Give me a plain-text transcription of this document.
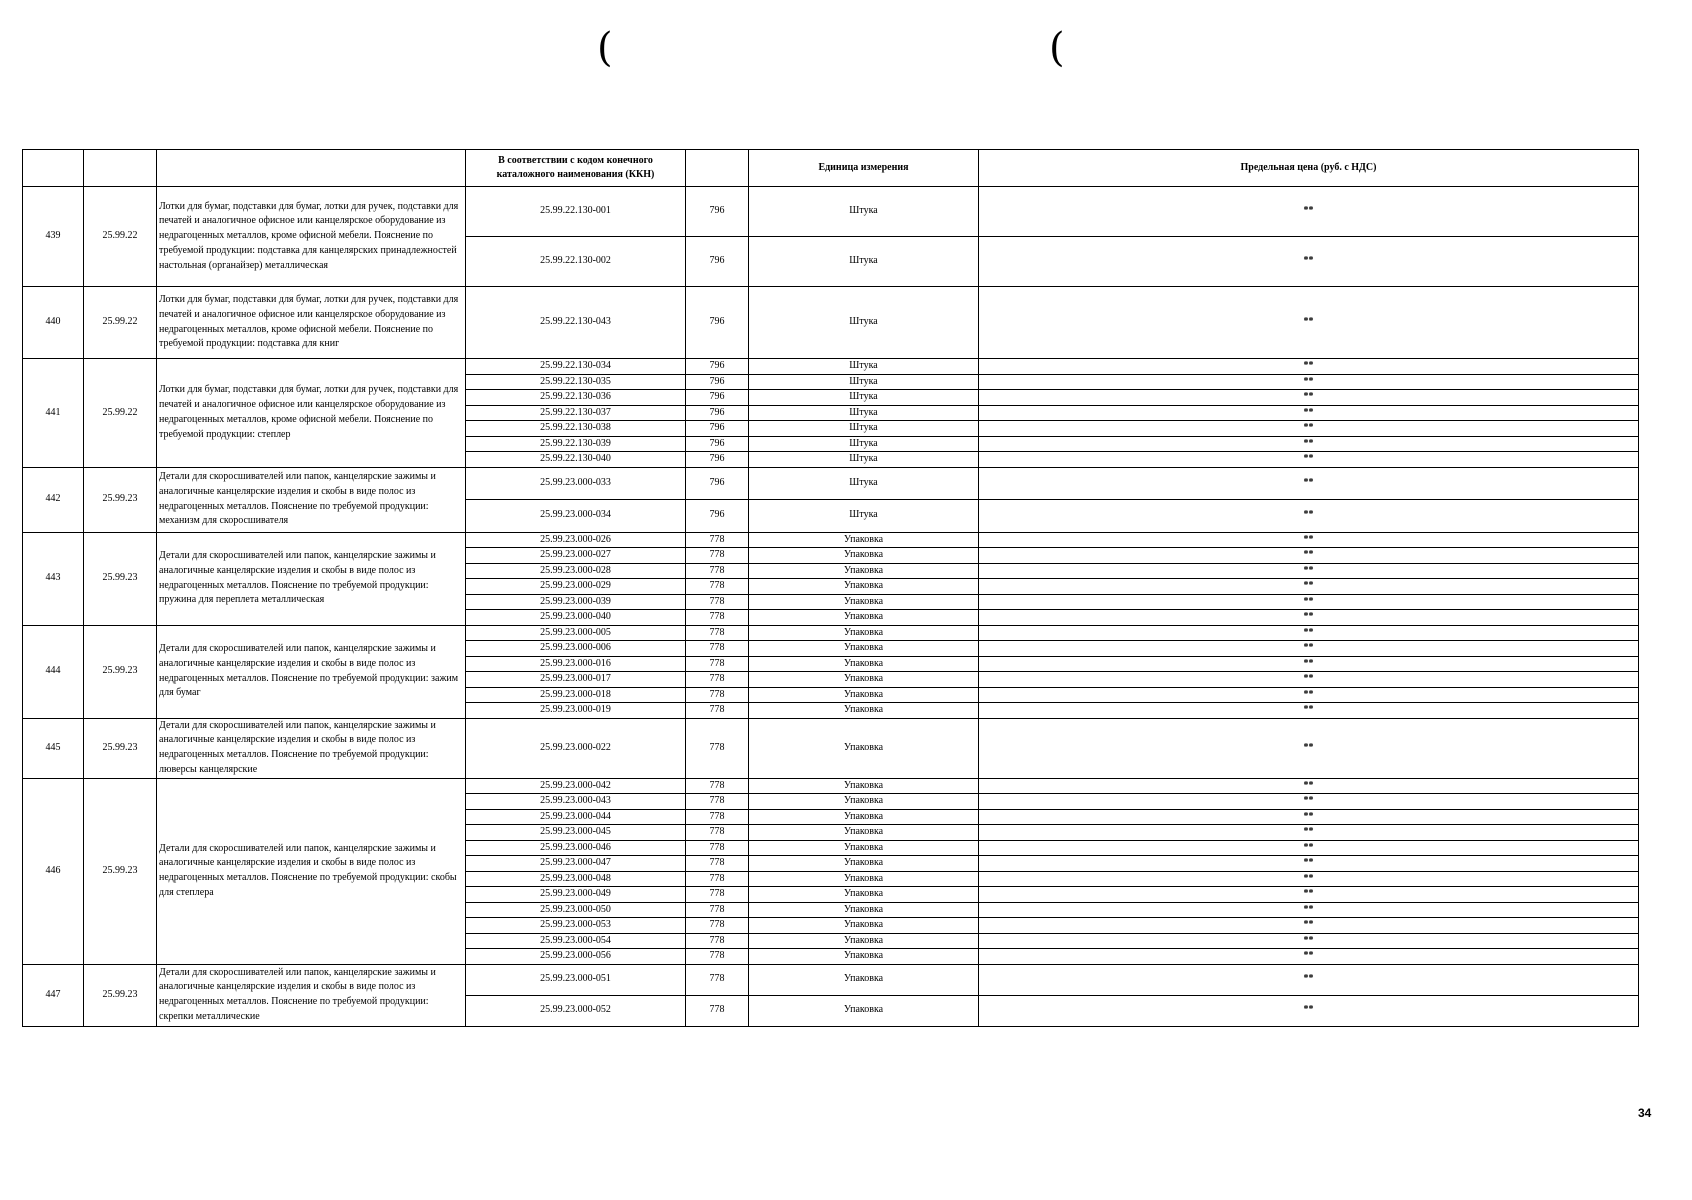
(	(
			В соответствии с кодом конечного каталожного наименования (ККН)		Единица измерения	Предельная цена (руб. с НДС)
439	25.99.22	Лотки для бумаг, подставки для бумаг, лотки для ручек, подставки для печатей и аналогичное офисное или канцелярское оборудование из недрагоценных металлов, кроме офисной мебели. Пояснение по требуемой продукции: подставка для канцелярских принадлежностей настольная (органайзер) металлическая	25.99.22.130-001	796	Штука	**
			25.99.22.130-002	796	Штука	**
440	25.99.22	Лотки для бумаг, подставки для бумаг, лотки для ручек, подставки для печатей и аналогичное офисное или канцелярское оборудование из недрагоценных металлов, кроме офисной мебели. Пояснение по требуемой продукции: подставка для книг	25.99.22.130-043	796	Штука	**
441	25.99.22	Лотки для бумаг, подставки для бумаг, лотки для ручек, подставки для печатей и аналогичное офисное или канцелярское оборудование из недрагоценных металлов, кроме офисной мебели. Пояснение по требуемой продукции: степлер	25.99.22.130-034	796	Штука	**
			25.99.22.130-035	796	Штука	**
			25.99.22.130-036	796	Штука	**
			25.99.22.130-037	796	Штука	**
			25.99.22.130-038	796	Штука	**
			25.99.22.130-039	796	Штука	**
			25.99.22.130-040	796	Штука	**
442	25.99.23	Детали для скоросшивателей или папок, канцелярские зажимы и аналогичные канцелярские изделия и скобы в виде полос из недрагоценных металлов. Пояснение по требуемой продукции: механизм для скоросшивателя	25.99.23.000-033	796	Штука	**
			25.99.23.000-034	796	Штука	**
443	25.99.23	Детали для скоросшивателей или папок, канцелярские зажимы и аналогичные канцелярские изделия и скобы в виде полос из недрагоценных металлов. Пояснение по требуемой продукции: пружина для переплета металлическая	25.99.23.000-026	778	Упаковка	**
			25.99.23.000-027	778	Упаковка	**
			25.99.23.000-028	778	Упаковка	**
			25.99.23.000-029	778	Упаковка	**
			25.99.23.000-039	778	Упаковка	**
			25.99.23.000-040	778	Упаковка	**
444	25.99.23	Детали для скоросшивателей или папок, канцелярские зажимы и аналогичные канцелярские изделия и скобы в виде полос из недрагоценных металлов. Пояснение по требуемой продукции: зажим для бумаг	25.99.23.000-005	778	Упаковка	**
			25.99.23.000-006	778	Упаковка	**
			25.99.23.000-016	778	Упаковка	**
			25.99.23.000-017	778	Упаковка	**
			25.99.23.000-018	778	Упаковка	**
			25.99.23.000-019	778	Упаковка	**
445	25.99.23	Детали для скоросшивателей или папок, канцелярские зажимы и аналогичные канцелярские изделия и скобы в виде полос из недрагоценных металлов. Пояснение по требуемой продукции: люверсы канцелярские	25.99.23.000-022	778	Упаковка	**
446	25.99.23	Детали для скоросшивателей или папок, канцелярские зажимы и аналогичные канцелярские изделия и скобы в виде полос из недрагоценных металлов. Пояснение по требуемой продукции: скобы для степлера	25.99.23.000-042	778	Упаковка	**
			25.99.23.000-043	778	Упаковка	**
			25.99.23.000-044	778	Упаковка	**
			25.99.23.000-045	778	Упаковка	**
			25.99.23.000-046	778	Упаковка	**
			25.99.23.000-047	778	Упаковка	**
			25.99.23.000-048	778	Упаковка	**
			25.99.23.000-049	778	Упаковка	**
			25.99.23.000-050	778	Упаковка	**
			25.99.23.000-053	778	Упаковка	**
			25.99.23.000-054	778	Упаковка	**
			25.99.23.000-056	778	Упаковка	**
447	25.99.23	Детали для скоросшивателей или папок, канцелярские зажимы и аналогичные канцелярские изделия и скобы в виде полос из недрагоценных металлов. Пояснение по требуемой продукции: скрепки металлические	25.99.23.000-051	778	Упаковка	**
			25.99.23.000-052	778	Упаковка	**
34
